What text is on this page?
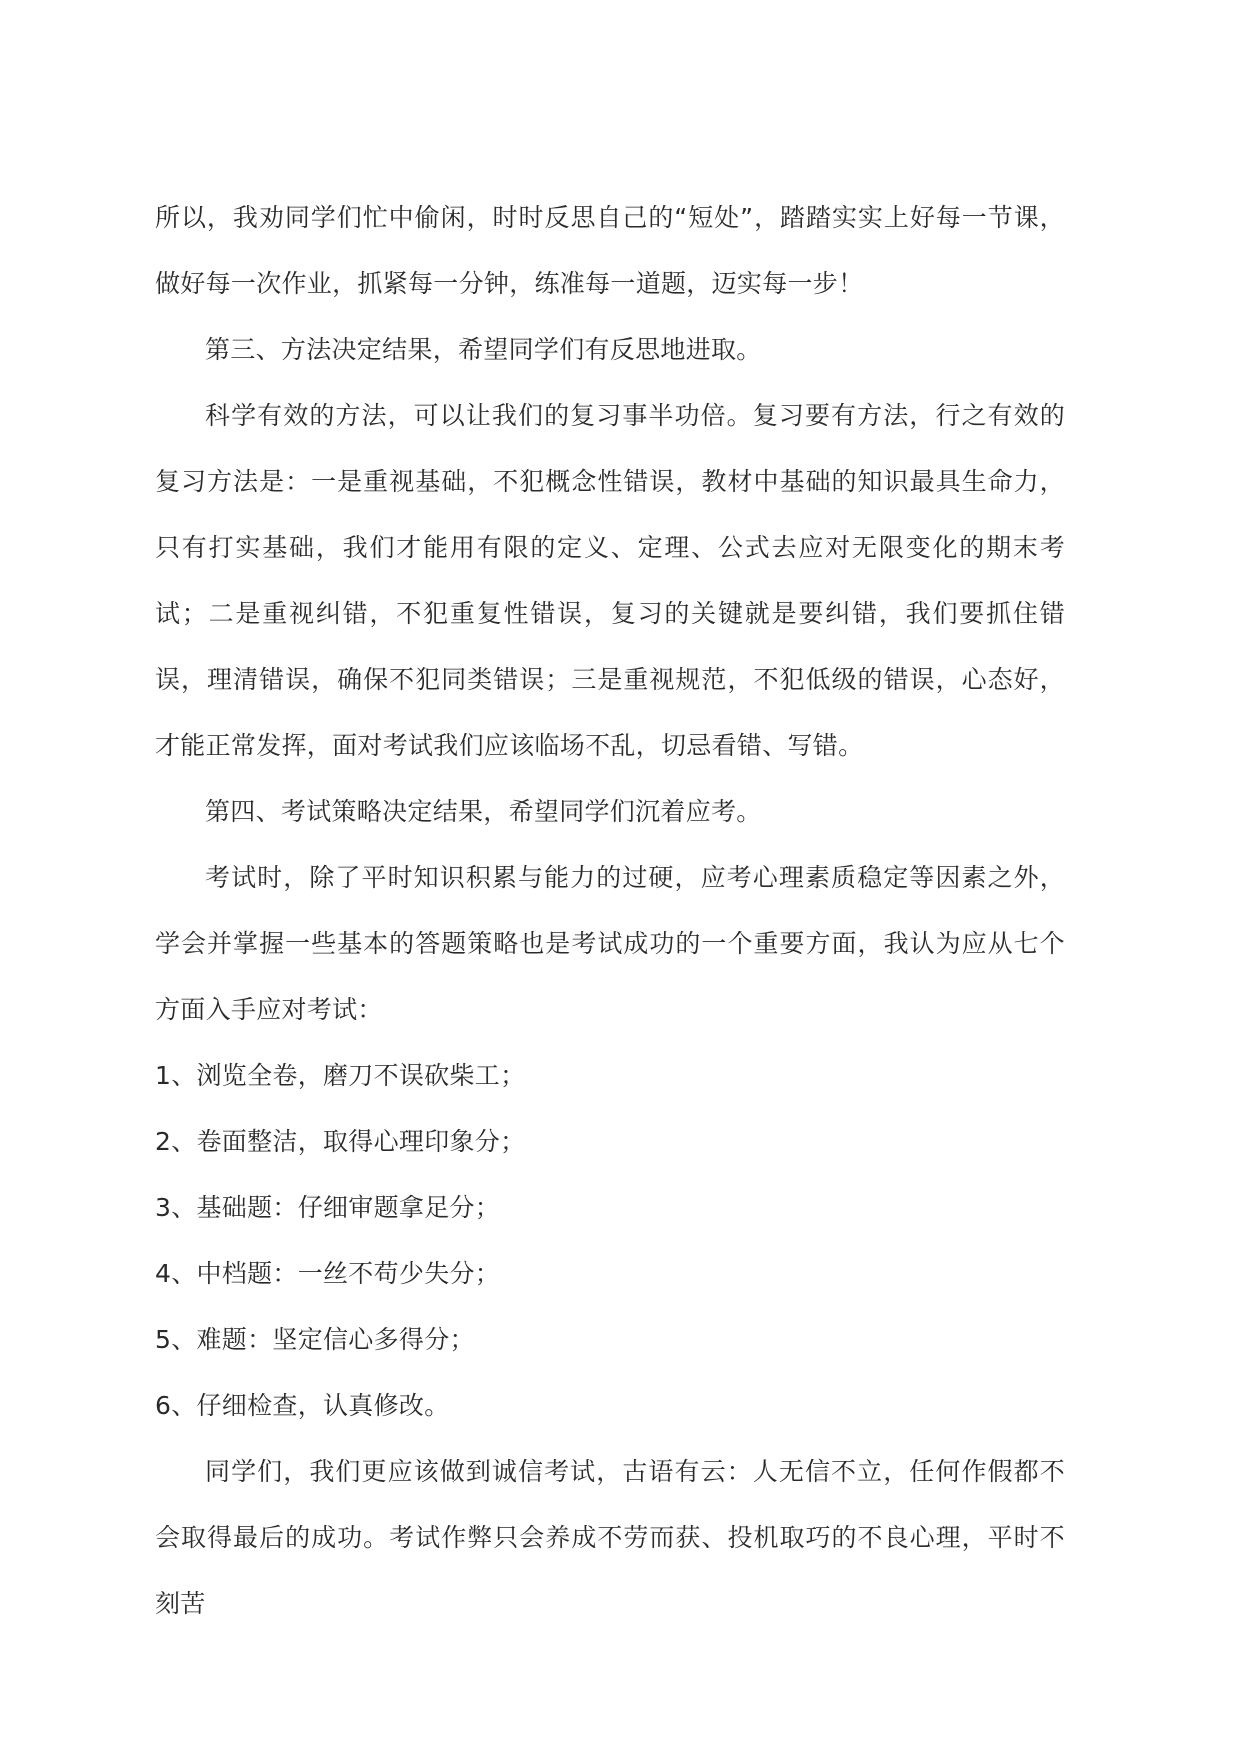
所以，我劝同学们忙中偷闲，时时反思自己的“短处”，踏踏实实上好每一节课，做好每一次作业，抓紧每一分钟，练准每一道题，迈实每一步！

第三、方法决定结果，希望同学们有反思地进取。

科学有效的方法，可以让我们的复习事半功倍。复习要有方法，行之有效的复习方法是：一是重视基础，不犯概念性错误，教材中基础的知识最具生命力，只有打实基础，我们才能用有限的定义、定理、公式去应对无限变化的期末考试；二是重视纠错，不犯重复性错误，复习的关键就是要纠错，我们要抓住错误，理清错误，确保不犯同类错误；三是重视规范，不犯低级的错误，心态好，才能正常发挥，面对考试我们应该临场不乱，切忌看错、写错。

第四、考试策略决定结果，希望同学们沉着应考。

考试时，除了平时知识积累与能力的过硬，应考心理素质稳定等因素之外，学会并掌握一些基本的答题策略也是考试成功的一个重要方面，我认为应从七个方面入手应对考试：

1、浏览全卷，磨刀不误砍柴工；

2、卷面整洁，取得心理印象分；

3、基础题：仔细审题拿足分；

4、中档题：一丝不苟少失分；

5、难题：坚定信心多得分；

6、仔细检查，认真修改。

同学们，我们更应该做到诚信考试，古语有云：人无信不立，任何作假都不会取得最后的成功。考试作弊只会养成不劳而获、投机取巧的不良心理，平时不刻苦
